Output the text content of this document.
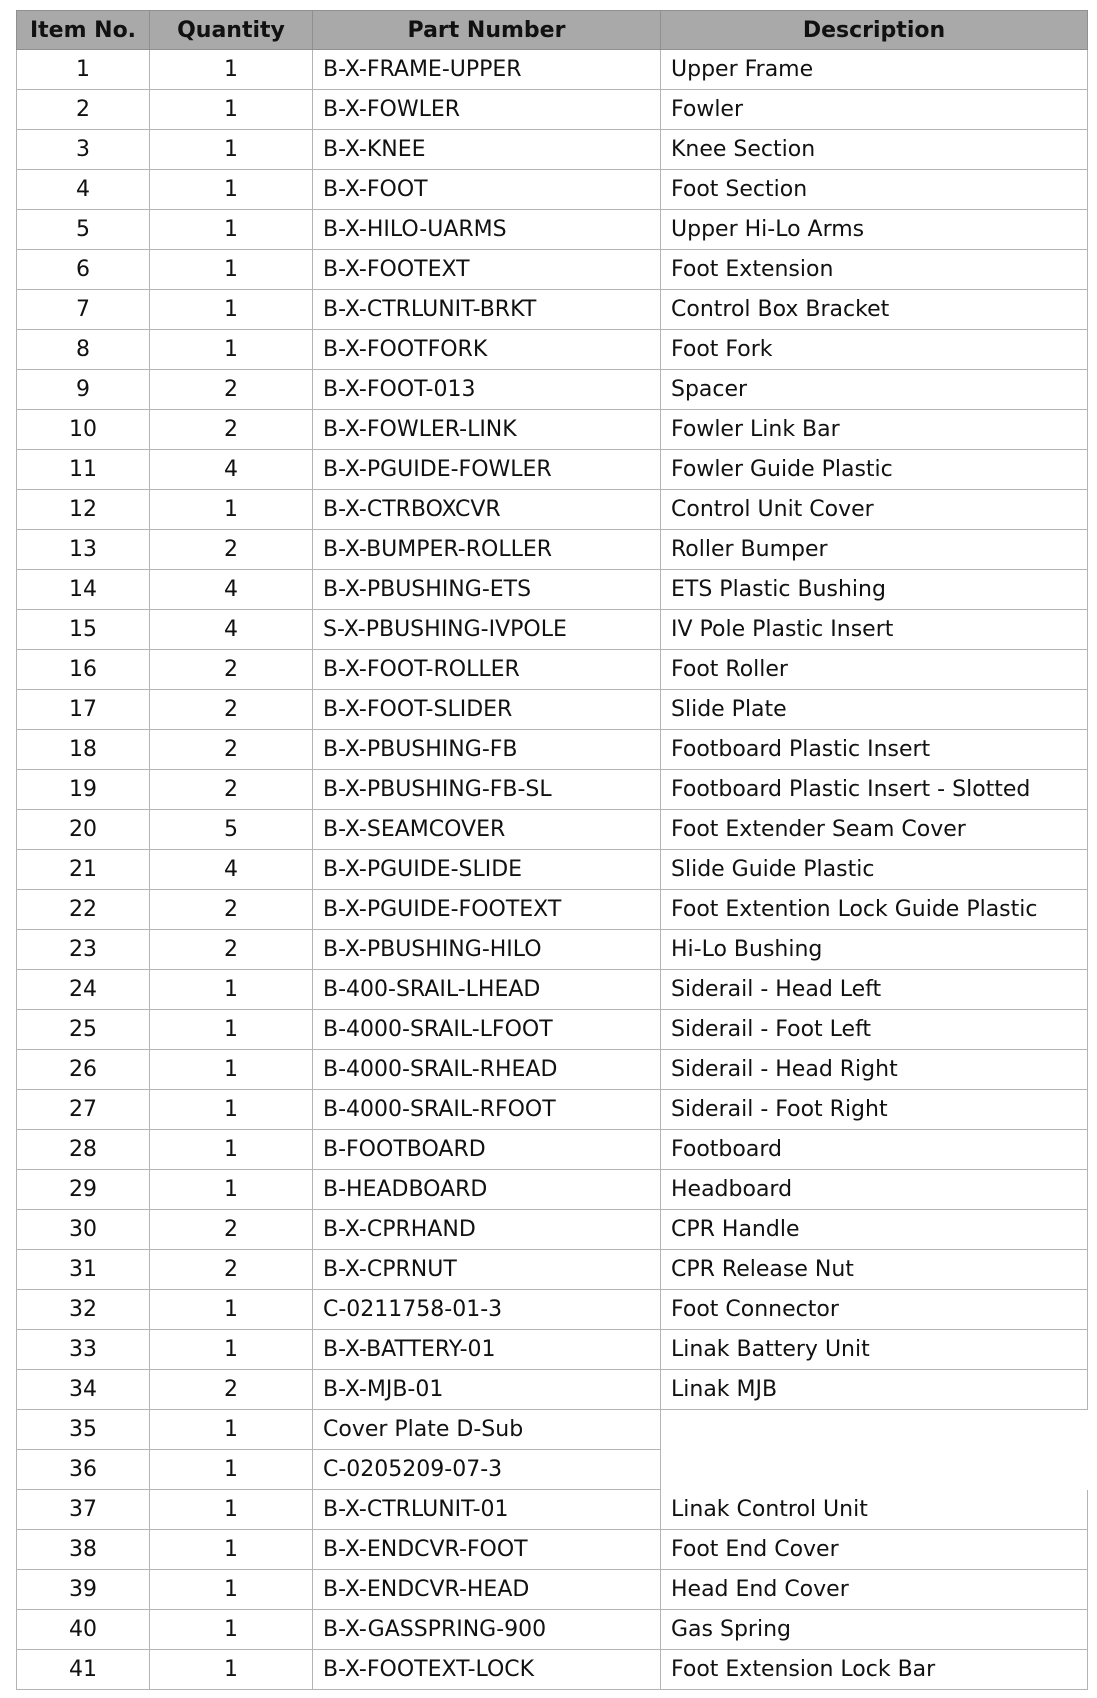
Item No.	Quantity	Part Number	Description
1	1	B-X-FRAME-UPPER	Upper Frame
2	1	B-X-FOWLER	Fowler
3	1	B-X-KNEE	Knee Section
4	1	B-X-FOOT	Foot Section
5	1	B-X-HILO-UARMS	Upper Hi-Lo Arms
6	1	B-X-FOOTEXT	Foot Extension
7	1	B-X-CTRLUNIT-BRKT	Control Box Bracket
8	1	B-X-FOOTFORK	Foot Fork
9	2	B-X-FOOT-013	Spacer
10	2	B-X-FOWLER-LINK	Fowler Link Bar
11	4	B-X-PGUIDE-FOWLER	Fowler Guide Plastic
12	1	B-X-CTRBOXCVR	Control Unit Cover
13	2	B-X-BUMPER-ROLLER	Roller Bumper
14	4	B-X-PBUSHING-ETS	ETS Plastic Bushing
15	4	S-X-PBUSHING-IVPOLE	IV Pole Plastic Insert
16	2	B-X-FOOT-ROLLER	Foot Roller
17	2	B-X-FOOT-SLIDER	Slide Plate
18	2	B-X-PBUSHING-FB	Footboard Plastic Insert
19	2	B-X-PBUSHING-FB-SL	Footboard Plastic Insert - Slotted
20	5	B-X-SEAMCOVER	Foot Extender Seam Cover
21	4	B-X-PGUIDE-SLIDE	Slide Guide Plastic
22	2	B-X-PGUIDE-FOOTEXT	Foot Extention Lock Guide Plastic
23	2	B-X-PBUSHING-HILO	Hi-Lo Bushing
24	1	B-400-SRAIL-LHEAD	Siderail - Head Left
25	1	B-4000-SRAIL-LFOOT	Siderail - Foot Left
26	1	B-4000-SRAIL-RHEAD	Siderail - Head Right
27	1	B-4000-SRAIL-RFOOT	Siderail - Foot Right
28	1	B-FOOTBOARD	Footboard
29	1	B-HEADBOARD	Headboard
30	2	B-X-CPRHAND	CPR Handle
31	2	B-X-CPRNUT	CPR Release Nut
32	1	C-0211758-01-3	Foot Connector
33	1	B-X-BATTERY-01	Linak Battery Unit
34	2	B-X-MJB-01	Linak MJB
35	1	Cover Plate D-Sub
36	1	C-0205209-07-3
37	1	B-X-CTRLUNIT-01	Linak Control Unit
38	1	B-X-ENDCVR-FOOT	Foot End Cover
39	1	B-X-ENDCVR-HEAD	Head End Cover
40	1	B-X-GASSPRING-900	Gas Spring
41	1	B-X-FOOTEXT-LOCK	Foot Extension Lock Bar
